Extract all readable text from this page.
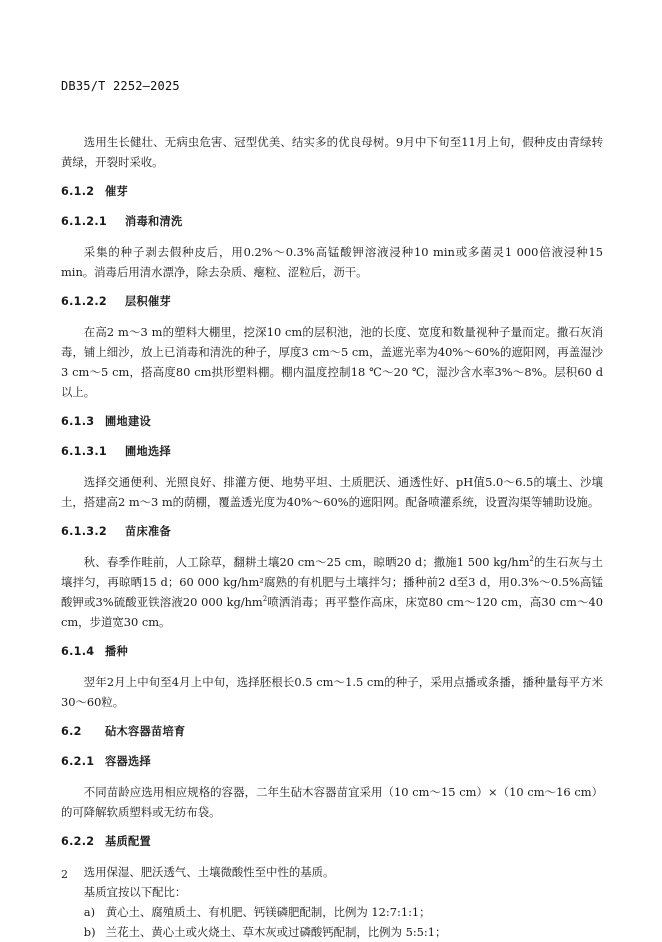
DB35/T 2252—2025

选用生长健壮、无病虫危害、冠型优美、结实多的优良母树。9月中下旬至11月上旬，假种皮由青绿转黄绿，开裂时采收。

6.1.2 催芽
6.1.2.1 消毒和清洗

采集的种子剥去假种皮后，用0.2%～0.3%高锰酸钾溶液浸种10 min或多菌灵1 000倍液浸种15 min。消毒后用清水漂净，除去杂质、瘪粒、涩粒后，沥干。

6.1.2.2 层积催芽

在高2 m～3 m的塑料大棚里，挖深10 cm的层积池，池的长度、宽度和数量视种子量而定。撒石灰消毒，铺上细沙，放上已消毒和清洗的种子，厚度3 cm～5 cm，盖遮光率为40%～60%的遮阳网，再盖湿沙3 cm～5 cm，搭高度80 cm拱形塑料棚。棚内温度控制18 ℃～20 ℃，湿沙含水率3%～8%。层积60 d以上。

6.1.3 圃地建设
6.1.3.1 圃地选择

选择交通便利、光照良好、排灌方便、地势平坦、土质肥沃、通透性好、pH值5.0～6.5的壤土、沙壤土，搭建高2 m～3 m的荫棚，覆盖透光度为40%～60%的遮阳网。配备喷灌系统，设置沟渠等辅助设施。

6.1.3.2 苗床准备

秋、春季作畦前，人工除草，翻耕土壤20 cm～25 cm，晾晒20 d；撒施1 500 $kg/hm^2$的生石灰与土壤拌匀，再晾晒15 d；60 000 kg/hm²腐熟的有机肥与土壤拌匀；播种前2 d至3 d，用0.3%～0.5%高锰酸钾或3%硫酸亚铁溶液20 000 $kg/hm^2$喷洒消毒；再平整作高床，床宽80 cm～120 cm，高30 cm～40 cm，步道宽30 cm。

6.1.4 播种

翌年2月上中旬至4月上中旬，选择胚根长0.5 cm～1.5 cm的种子，采用点播或条播，播种量每平方米30～60粒。

6.2 砧木容器苗培育
6.2.1 容器选择

不同苗龄应选用相应规格的容器，二年生砧木容器苗宜采用（10 cm～15 cm）×（10 cm～16 cm）的可降解软质塑料或无纺布袋。

6.2.2 基质配置

选用保湿、肥沃透气、土壤微酸性至中性的基质。

基质宜按以下配比：

a) 黄心土、腐殖质土、有机肥、钙镁磷肥配制，比例为 12:7:1:1；
b) 兰花土、黄心土或火烧土、草木灰或过磷酸钙配制，比例为 5:5:1；
2
